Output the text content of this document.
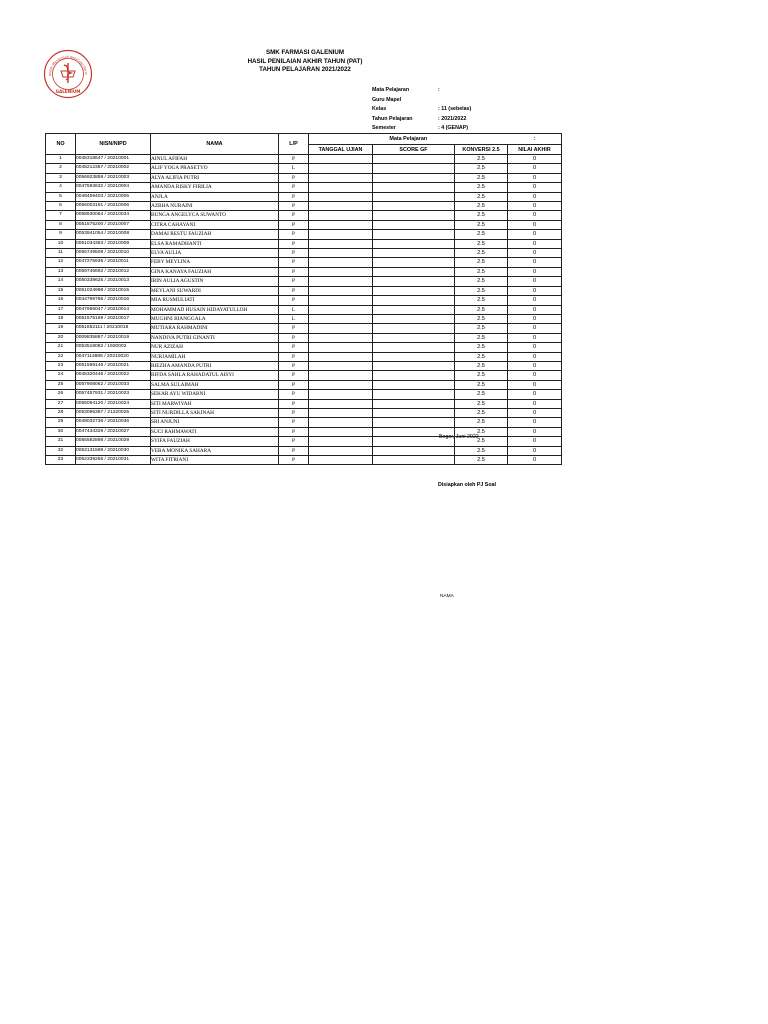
kolah Menengah Kejuruan Farm
GALENIUM
SMK FARMASI GALENIUM
HASIL PENILAIAN AKHIR TAHUN (PAT)
TAHUN PELAJARAN 2021/2022
Mata Pelajaran	:
Guru Mapel
Kelas	: 11 (sebelas)
Tahun Pelajaran	: 2021/2022
Semester	: 4 (GENAP)
NO	NISN/NIPD	NAMA	L/P	Mata Pelajaran			:
				TANGGAL UJIAN	SCORE GF	KONVERSI 2.5	NILAI AKHIR
1	0045318647 / 20210001	AINUL AFIFAH	P			2.5	0
2	0048212367 / 20210002	ALIF YOGA PRASETYO	L			2.5	0
3	0056923859 / 20210003	ALYA ALIFIA PUTRI	P			2.5	0
4	0047593632 / 20210004	AMANDA RISKY FIRILIA	P			2.5	0
5	0049459403 / 20210005	ANJLA	P			2.5	0
6	0056003191 / 20210006	AZRHA NURAINI	P			2.5	0
7	0058930064 / 20210034	BUNGA ANGELYCA SUWANTO	P			2.5	0
8	0051575200 / 20210007	CITRA CAHAYANI	P			2.5	0
9	0053941054 / 20210008	DAMAI RESTU FAUZIAH	P			2.5	0
10	0051034363 / 20210009	ELSA RAMADHANTI	P			2.5	0
11	0055749509 / 20210010	ELVA AULIA	P			2.5	0
12	0047275936 / 20210011	FEBY MEYLINA	P			2.5	0
13	0059746692 / 20210012	GINA KANAYA FAUZIAH	P			2.5	0
14	0050339625 / 20210013	IRIN AULIA AGUSTIN	P			2.5	0
15	0051024998 / 20210015	MEYLANI SUWARDI	P			2.5	0
16	0044799786 / 20210016	MIA RUSMULIATI	P			2.5	0
17	0047965047 / 20210014	MOHAMMAD HUSAIN HIDAYATULLOH	L			2.5	0
18	0051575169 / 20210017	MUGHNI BIANGGALA	L			2.5	0
19	0051652111 / 20210018	MUTIARA RAHMADINI	P			2.5	0
20	0009835867 / 20210019	NANDIVA PUTRI GINANTI	P			2.5	0
21	0053518082 / 1920002	NUR AZIZAH	P			2.5	0
22	0047114885 / 20210020	NURJAMILAH	P			2.5	0
23	0051599146 / 20210021	RIEZHA AMANDA PUTRI	P			2.5	0
24	0045320446 / 20210022	RIFDA SAHLA RAHADATUL AISYI	P			2.5	0
25	0057908062 / 20210033	SALMA SULAIMAH	P			2.5	0
26	0057457931 / 20210023	SEKAR AYU WIDARNI	P			2.5	0
27	0055094120 / 20210024	SITI MARWIYAH	P			2.5	0
28	0053095387 / 21220025	SITI NURDILLA SAKINAH	P			2.5	0
29	0049032736 / 20210036	SRI ANJUNI	P			2.5	0
30	0047434329 / 20210027	SUCI RAHMAWATI	P			2.5	0
31	0055582898 / 20210029	SYIFA FAUZIAH	P			2.5	0
32	0053131599 / 20210030	VERA MONIKA SAHARA	P			2.5	0
33	0052339256 / 20210031	WITA FITRIANI	P			2.5	0
Bogor, Juni 2022
Disiapkan oleh PJ Soal
NAMA
